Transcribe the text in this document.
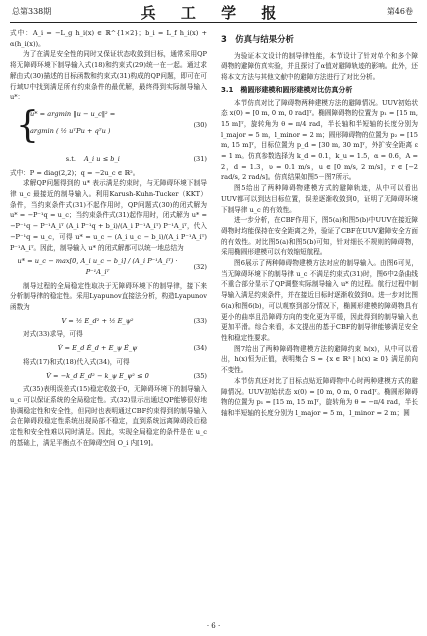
总第338期	兵 工 学 报	第46卷

式中：A_i = −L_g h_i(x) ∈ ℝ^{1×2}；b_i = L_f h_i(x) + α(h_i(x))。

为了在满足安全性的同时又保证状态收敛到目标，通常采用QP将无障碍环境下制导输入式(18)和约束式(29)统一在一起。通过求解由式(30)描述的目标函数和约束式(31)构成的QP问题，即可在可行域U中找到满足所有约束条件的最优解，最终得到实际制导输入 u*：

{
u* = argmin ‖u − u_c‖² =
argmin ( ½ uᵀPu + qᵀu )
(30)
s.t.	A_i u ≤ b_i	(31)

式中：P = diag(2,2)；q = −2u_c ∈ ℝ²。

求解QP问题得到的 u* 表示满足约束时，与无障碍环境下制导律 u_c 最接近的制导输入。利用Karush-Kuhn-Tucker（KKT）条件，当约束条件式(31)不起作用时，QP问题式(30)的闭式解为 u* = −P⁻¹q = u_c；当约束条件式(31)起作用时，闭式解为 u* = −P⁻¹q − P⁻¹A_iᵀ (A_i P⁻¹q + b_i)/(A_i P⁻¹A_iᵀ) P⁻¹A_iᵀ，代入 −P⁻¹q = u_c，可得 u* = u_c − (A_i u_c − b_i)/(A_i P⁻¹A_iᵀ) P⁻¹A_iᵀ。因此，制导输入 u* 的闭式解都可以统一地总结为

u* = u_c − max[0, A_i u_c − b_i] / (A_i P⁻¹A_iᵀ) · P⁻¹A_iᵀ
(32)

制导过程的全局稳定性取决于无障碍环境下的制导律，接下来分析制导律的稳定性。采用Lyapunov直接法分析，构造Lyapunov函数为

V = ½ E_d² + ½ E_ψ²	(33)

对式(33)求导，可得

V̇ = E_d Ė_d + E_ψ Ė_ψ	(34)

将式(17)和式(18)代入式(34)，可得

V̇ = −k_d E_d² − k_ψ E_ψ² ≤ 0	(35)

式(35)表明误差式(15)稳定收敛于0，无障碍环境下的制导输入 u_c 可以保证系统的全局稳定性。式(32)显示出通过QP能够很好地协调稳定性和安全性，但同时也表明通过CBF约束得到的制导输入会在障碍段稳定性系统出现局部不稳定，直到系统远离障碍段后稳定性和安全性难以同时满足。因此，实现全局稳定的条件是在 u_c 的基础上，满足平衡点不在障碍空间 O_i 内[19]。

3　仿真与结果分析

为验证本文设计的制导律性能，本节设计了针对单个和多个障碍物的避障仿真实验，并且探讨了α值对避障轨迹的影响。此外，还将本文方法与其他文献中的避障方法进行了对比分析。

3.1　椭圆形建模和圆形建模对比仿真分析

本节仿真对比了障碍物两种建模方法的避障情况。UUV初始状态 x(0) = [0 m, 0 m, 0 rad]ᵀ。椭圆障碍物的位置为 p₁ = [15 m, 15 m]ᵀ，旋转角为 θ = π/4 rad，半长轴和半短轴的长度分别为 l_major = 5 m，l_minor = 2 m；圆形障碍物的位置为 p₂ = [15 m, 15 m]ᵀ，目标位置为 p_d = [30 m, 30 m]ᵀ，外扩安全距离 ε = 1 m。仿真参数选择为 k_d = 0.1，k_u = 1.5，α = 0.6，A = 2，d = 1.3，υ = 0.1 m/s，u ∈ [0 m/s, 2 m/s]，r ∈ [−2 rad/s, 2 rad/s]。仿真结果如图5－图7所示。

图5给出了两种障碍物建模方式的避障轨迹，从中可以看出UUV都可以到达目标位置，误差逐渐收敛到0，证明了无障碍环境下制导律 u_c 的有效性。

进一步分析，在CBF作用下，图5(a)和图5(b)中UUV在接近障碍物时均能保持在安全距离之外，验证了CBF在UUV避障安全方面的有效性。对比图5(a)和图5(b)可知，针对细长不规则的障碍物，采用椭圆形建模可以有效缩短航程。

图6展示了两种障碍物建模方法对应的制导输入。由图6可见，当无障碍环境下的制导律 u_c 不满足约束式(31)时，图6中2条曲线不重合部分显示了QP调整实际制导输入 u* 的过程。航行过程中制导输入满足约束条件，并在接近目标时逐渐收敛到0。进一步对比图6(a)和图6(b)，可以观察到部分情况下，椭圆形建模的障碍物具有更小的曲率且沿障碍方向的变化更为平缓，因此得到的制导输入也更加平滑。综合来看，本文提出的基于CBF的制导律能够满足安全性和稳定性要求。

图7给出了两种障碍物建模方法的避障约束 h(x)，从中可以看出，h(x)恒为正值，表明集合 S = {x ∈ ℝ³ | h(x) ≥ 0} 满足前向不变性。

本节仿真还对比了目标点贴近障碍物中心时两种建模方式的避障情况。UUV初始状态 x(0) = [0 m, 0 m, 0 rad]ᵀ。椭圆形障碍物的位置为 p₁ = [15 m, 15 m]ᵀ，旋转角为 θ = −π/4 rad，半长轴和半短轴的长度分别为 l_major = 5 m，l_minor = 2 m；圆

· 6 ·
